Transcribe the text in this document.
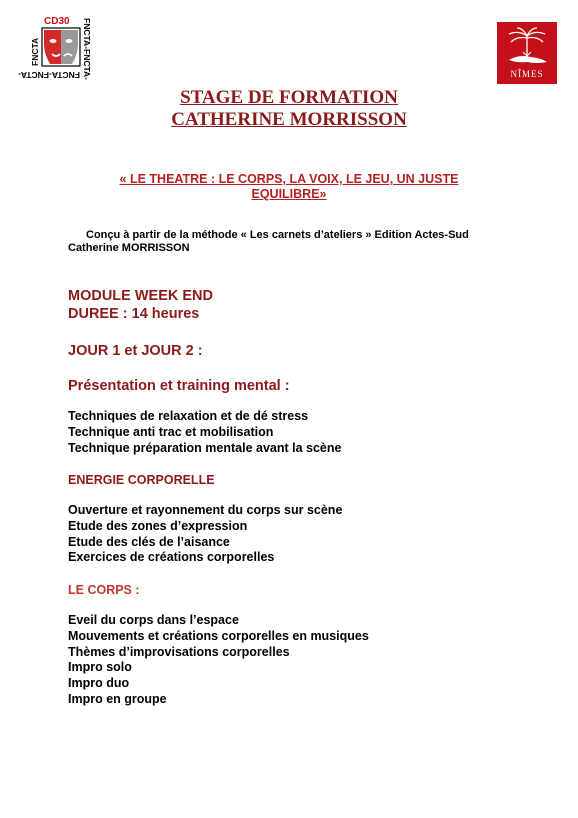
CD30
FNCTA	FNCTA-FNCTA-
FNCTA-FNCTA-	NÎMES
STAGE DE FORMATION
CATHERINE MORRISSON
« LE THEATRE : LE CORPS, LA VOIX, LE JEU, UN JUSTE
EQUILIBRE»
Conçu à partir de la méthode « Les carnets d’ateliers » Edition Actes-Sud
Catherine MORRISSON
MODULE WEEK END
DUREE : 14 heures
JOUR 1 et JOUR 2 :
Présentation et training mental :
Techniques de relaxation et de dé stress
Technique anti trac et mobilisation
Technique préparation mentale avant la scène
ENERGIE CORPORELLE
Ouverture et rayonnement du corps sur scène
Etude des zones d’expression
Etude des clés de l’aisance
Exercices de créations corporelles
LE CORPS :
Eveil du corps dans l’espace
Mouvements et créations corporelles en musiques
Thèmes d’improvisations corporelles
Impro solo
Impro duo
Impro en groupe
